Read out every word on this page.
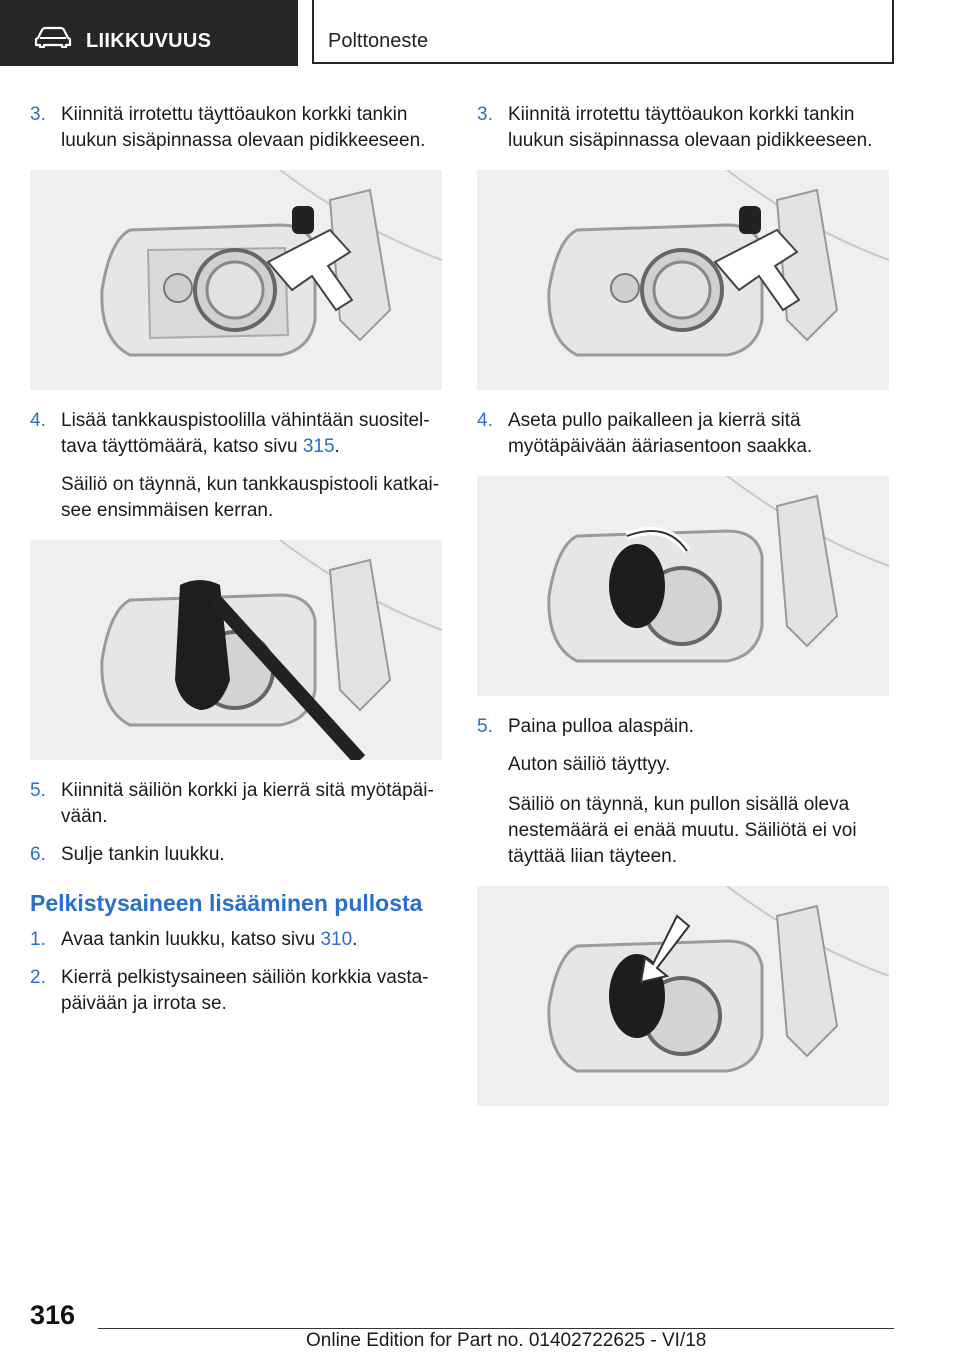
LIIKKUVUUS	Polttoneste
3. Kiinnitä irrotettu täyttöaukon korkki tankin luukun sisäpinnassa olevaan pidikkeeseen.
4. Lisää tankkauspistoolilla vähintään suositeltava täyttömäärä, katso sivu 315.
Säiliö on täynnä, kun tankkauspistooli katkaisee ensimmäisen kerran.
5. Kiinnitä säiliön korkki ja kierrä sitä myötäpäivään.
6. Sulje tankin luukku.
Pelkistysaineen lisääminen pullosta
1. Avaa tankin luukku, katso sivu 310.
2. Kierrä pelkistysaineen säiliön korkkia vastapäivään ja irrota se.
3. Kiinnitä irrotettu täyttöaukon korkki tankin luukun sisäpinnassa olevaan pidikkeeseen.
4. Aseta pullo paikalleen ja kierrä sitä myötäpäivään ääriasentoon saakka.
5. Paina pulloa alaspäin.
Auton säiliö täyttyy.
Säiliö on täynnä, kun pullon sisällä oleva nestemäärä ei enää muutu. Säiliötä ei voi täyttää liian täyteen.
316
Online Edition for Part no. 01402722625 - VI/18
